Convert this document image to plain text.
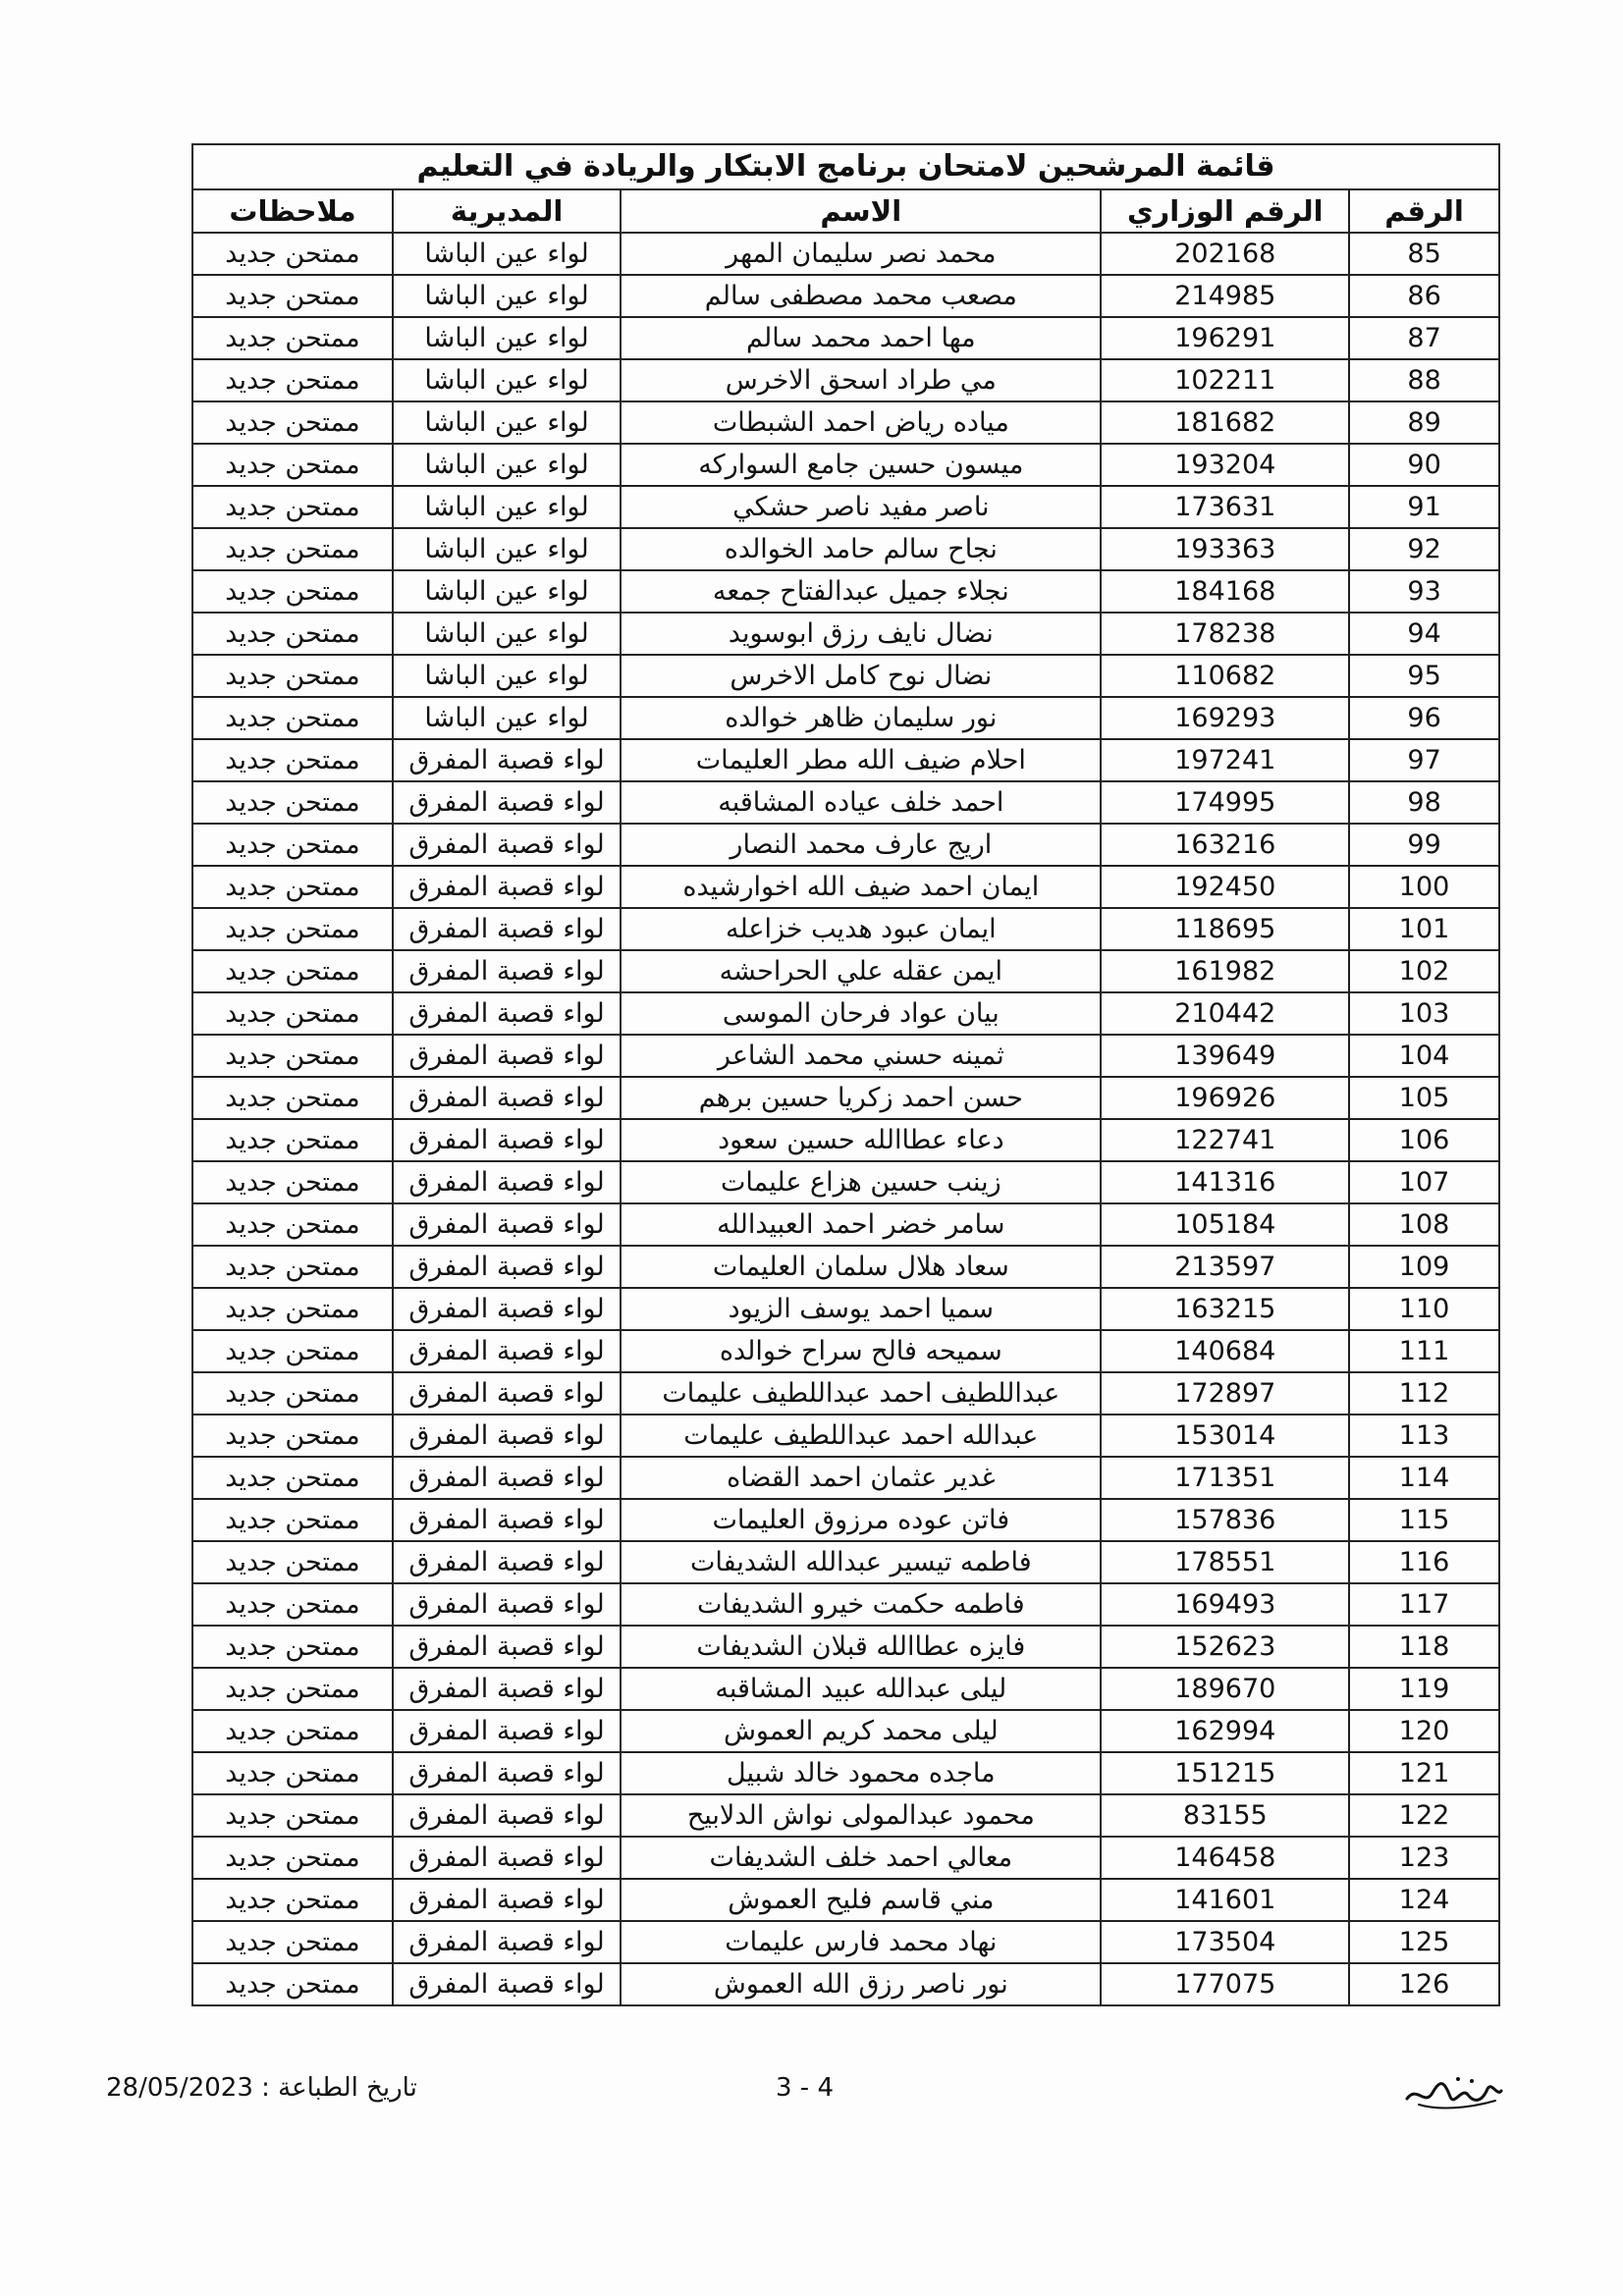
قائمة المرشحين لامتحان برنامج الابتكار والريادة في التعليم				
الرقم	الرقم الوزاري	الاسم	المديرية	ملاحظات
85	202168	محمد نصر سليمان المهر	لواء عين الباشا	ممتحن جديد
86	214985	مصعب محمد مصطفى سالم	لواء عين الباشا	ممتحن جديد
87	196291	مها احمد محمد سالم	لواء عين الباشا	ممتحن جديد
88	102211	مي طراد اسحق الاخرس	لواء عين الباشا	ممتحن جديد
89	181682	مياده رياض احمد الشبطات	لواء عين الباشا	ممتحن جديد
90	193204	ميسون حسين جامع السواركه	لواء عين الباشا	ممتحن جديد
91	173631	ناصر مفيد ناصر حشكي	لواء عين الباشا	ممتحن جديد
92	193363	نجاح سالم حامد الخوالده	لواء عين الباشا	ممتحن جديد
93	184168	نجلاء جميل عبدالفتاح جمعه	لواء عين الباشا	ممتحن جديد
94	178238	نضال نايف رزق ابوسويد	لواء عين الباشا	ممتحن جديد
95	110682	نضال نوح كامل الاخرس	لواء عين الباشا	ممتحن جديد
96	169293	نور سليمان ظاهر خوالده	لواء عين الباشا	ممتحن جديد
97	197241	احلام ضيف الله مطر العليمات	لواء قصبة المفرق	ممتحن جديد
98	174995	احمد خلف عياده المشاقبه	لواء قصبة المفرق	ممتحن جديد
99	163216	اريج عارف محمد النصار	لواء قصبة المفرق	ممتحن جديد
100	192450	ايمان احمد ضيف الله اخوارشيده	لواء قصبة المفرق	ممتحن جديد
101	118695	ايمان عبود هديب خزاعله	لواء قصبة المفرق	ممتحن جديد
102	161982	ايمن عقله علي الحراحشه	لواء قصبة المفرق	ممتحن جديد
103	210442	بيان عواد فرحان الموسى	لواء قصبة المفرق	ممتحن جديد
104	139649	ثمينه حسني محمد الشاعر	لواء قصبة المفرق	ممتحن جديد
105	196926	حسن احمد زكريا حسين برهم	لواء قصبة المفرق	ممتحن جديد
106	122741	دعاء عطاالله حسين سعود	لواء قصبة المفرق	ممتحن جديد
107	141316	زينب حسين هزاع عليمات	لواء قصبة المفرق	ممتحن جديد
108	105184	سامر خضر احمد العبيدالله	لواء قصبة المفرق	ممتحن جديد
109	213597	سعاد هلال سلمان العليمات	لواء قصبة المفرق	ممتحن جديد
110	163215	سميا احمد يوسف الزيود	لواء قصبة المفرق	ممتحن جديد
111	140684	سميحه فالح سراح خوالده	لواء قصبة المفرق	ممتحن جديد
112	172897	عبداللطيف احمد عبداللطيف عليمات	لواء قصبة المفرق	ممتحن جديد
113	153014	عبدالله احمد عبداللطيف عليمات	لواء قصبة المفرق	ممتحن جديد
114	171351	غدير عثمان احمد القضاه	لواء قصبة المفرق	ممتحن جديد
115	157836	فاتن عوده مرزوق العليمات	لواء قصبة المفرق	ممتحن جديد
116	178551	فاطمه تيسير عبدالله الشديفات	لواء قصبة المفرق	ممتحن جديد
117	169493	فاطمه حكمت خيرو الشديفات	لواء قصبة المفرق	ممتحن جديد
118	152623	فايزه عطاالله قبلان الشديفات	لواء قصبة المفرق	ممتحن جديد
119	189670	ليلى عبدالله عبيد المشاقبه	لواء قصبة المفرق	ممتحن جديد
120	162994	ليلى محمد كريم العموش	لواء قصبة المفرق	ممتحن جديد
121	151215	ماجده محمود خالد شبيل	لواء قصبة المفرق	ممتحن جديد
122	83155	محمود عبدالمولى نواش الدلابيح	لواء قصبة المفرق	ممتحن جديد
123	146458	معالي احمد خلف الشديفات	لواء قصبة المفرق	ممتحن جديد
124	141601	مني قاسم فليح العموش	لواء قصبة المفرق	ممتحن جديد
125	173504	نهاد محمد فارس عليمات	لواء قصبة المفرق	ممتحن جديد
126	177075	نور ناصر رزق الله العموش	لواء قصبة المفرق	ممتحن جديد
تاريخ الطباعة : 28/05/2023	3 - 4
